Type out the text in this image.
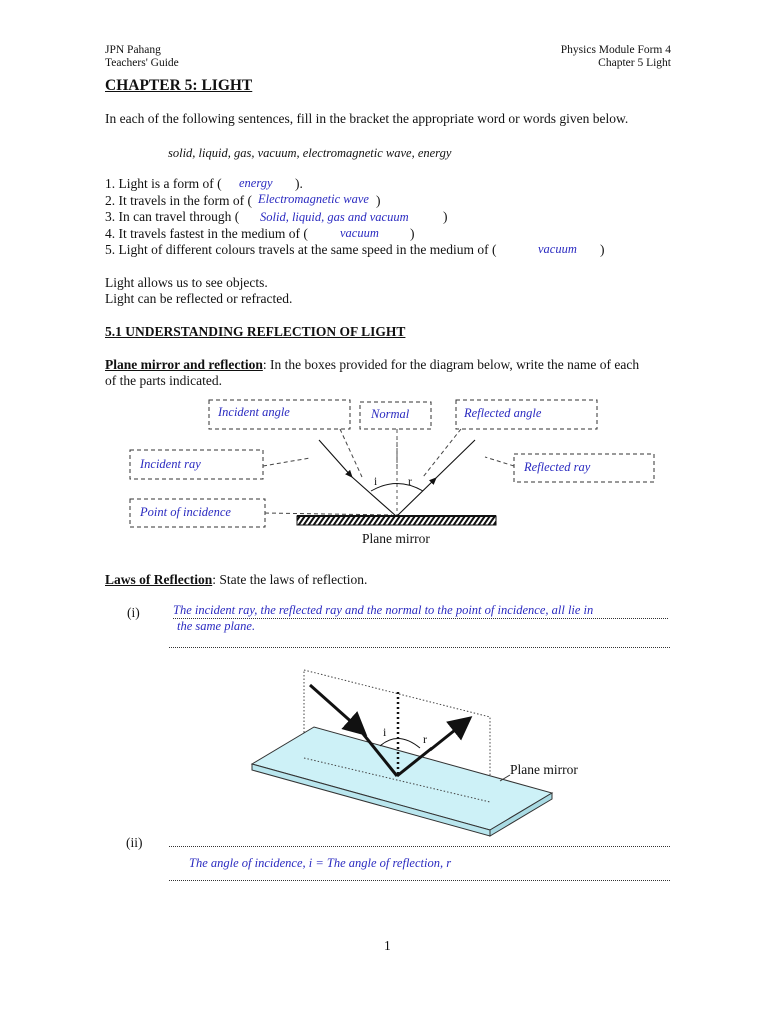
JPN Pahang
Teachers' Guide
Physics Module Form 4
Chapter 5 Light
CHAPTER 5: LIGHT
In each of the following sentences, fill in the bracket the appropriate word or words given below.
solid, liquid, gas, vacuum, electromagnetic wave, energy
1. Light is a form of ( energy ).
2. It travels in the form of ( Electromagnetic wave )
3. In can travel through ( Solid, liquid, gas and vacuum	)
4. It travels fastest in the medium of (	vacuum )
5. Light of different colours travels at the same speed in the medium of (	vacuum )
Light allows us to see objects.
Light can be reflected or refracted.
5.1 UNDERSTANDING REFLECTION OF LIGHT
Plane mirror and reflection: In the boxes provided for the diagram below, write the name of each
of the parts indicated.
Incident angle	Normal	Reflected angle
Incident ray	Reflected ray
Point of incidence
i	r
Plane mirror
Laws of Reflection: State the laws of reflection.
(i)	The incident ray, the reflected ray and the normal to the point of incidence, all lie in
the same plane.
i	r
Plane mirror
(ii)
The angle of incidence, i = The angle of reflection, r
1
